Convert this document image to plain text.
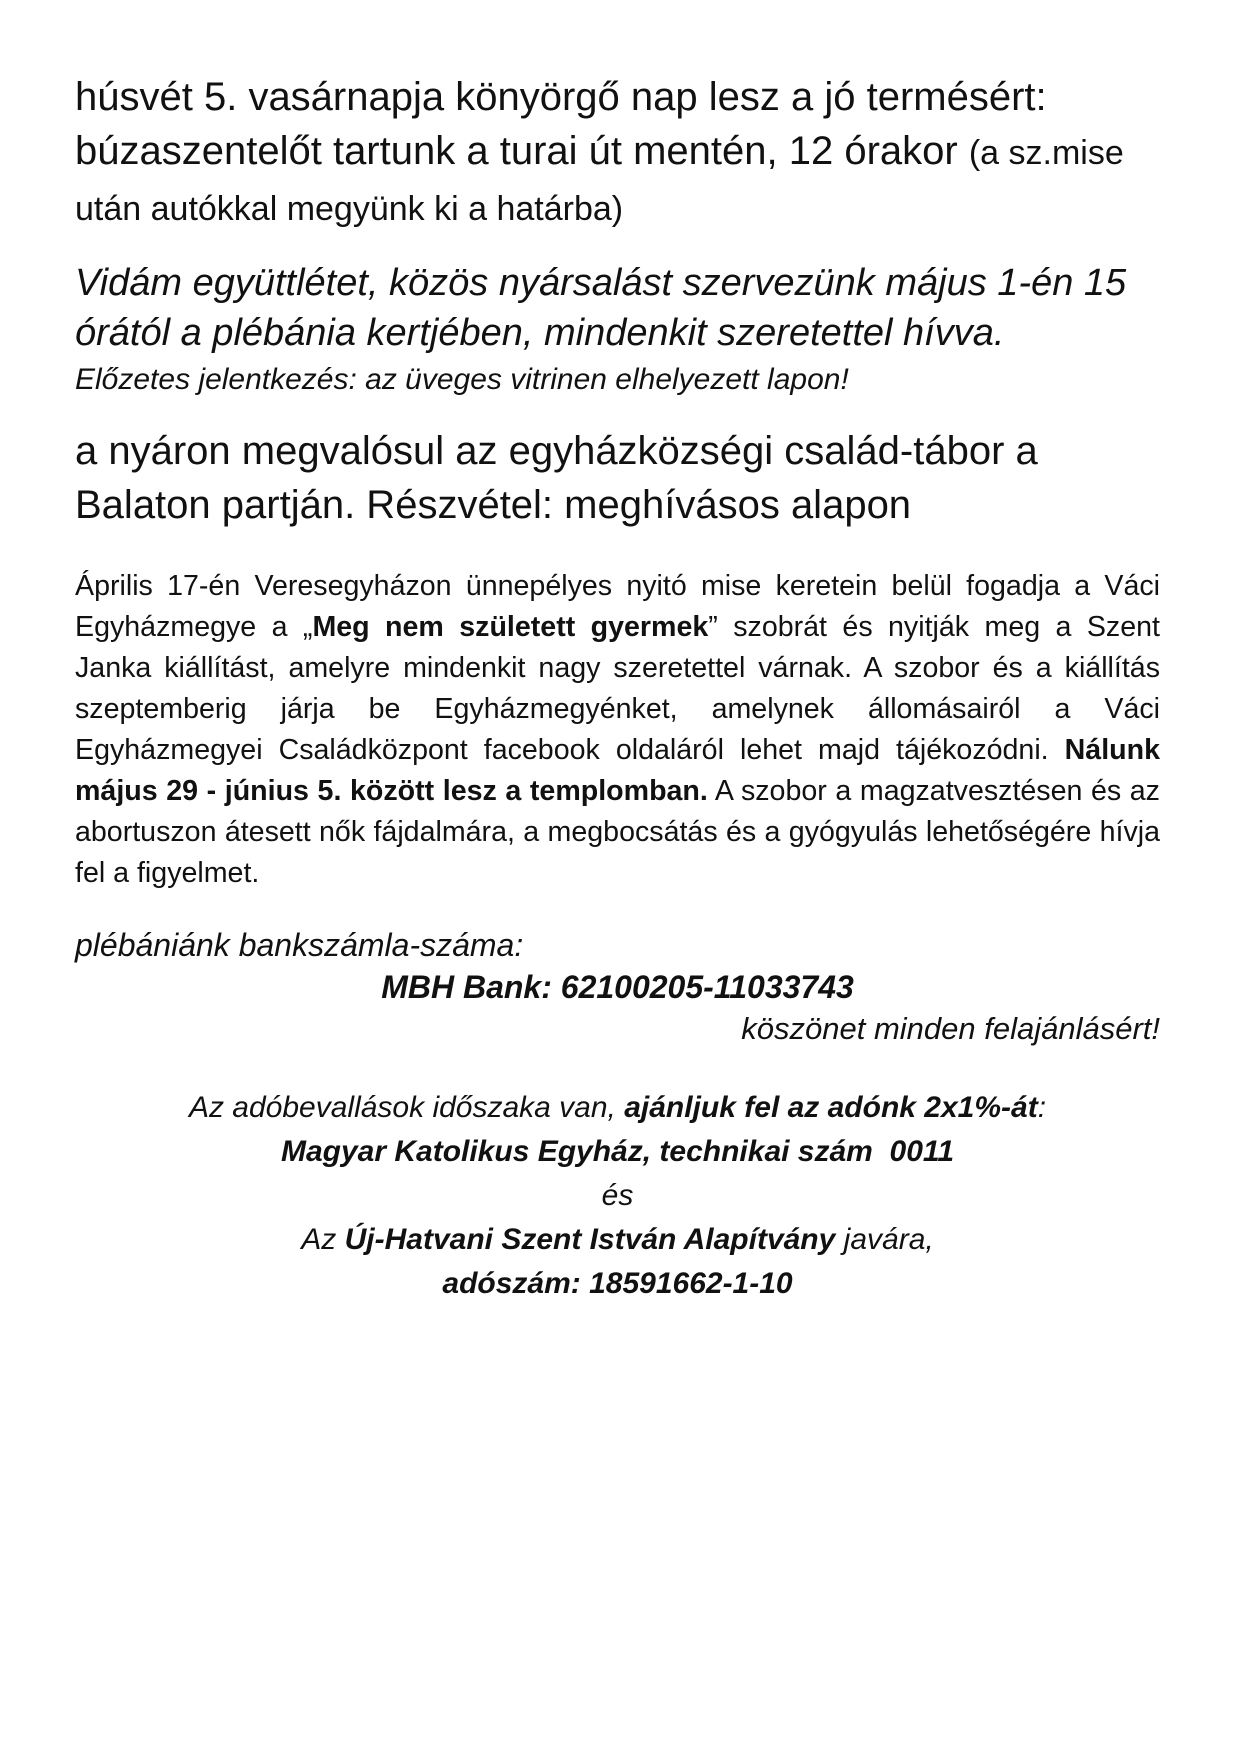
húsvét 5. vasárnapja könyörgő nap lesz a jó termésért: búzaszentelőt tartunk a turai út mentén, 12 órakor (a sz.mise után autókkal megyünk ki a határba)

Vidám együttlétet, közös nyársalást szervezünk május 1-én 15 órától a plébánia kertjében, mindenkit szeretettel hívva.
Előzetes jelentkezés: az üveges vitrinen elhelyezett lapon!

a nyáron megvalósul az egyházközségi család-tábor a Balaton partján. Részvétel: meghívásos alapon

Április 17-én Veresegyházon ünnepélyes nyitó mise keretein belül fogadja a Váci Egyházmegye a „Meg nem született gyermek” szobrát és nyitják meg a Szent Janka kiállítást, amelyre mindenkit nagy szeretettel várnak. A szobor és a kiállítás szeptemberig járja be Egyházmegyénket, amelynek állomásairól a Váci Egyházmegyei Családközpont facebook oldaláról lehet majd tájékozódni. Nálunk május 29 - június 5. között lesz a templomban. A szobor a magzatvesztésen és az abortuszon átesett nők fájdalmára, a megbocsátás és a gyógyulás lehetőségére hívja fel a figyelmet.

plébániánk bankszámla-száma:
MBH Bank: 62100205-11033743
köszönet minden felajánlásért!
Az adóbevallások időszaka van, ajánljuk fel az adónk 2x1%-át:
Magyar Katolikus Egyház, technikai szám  0011
és
Az Új-Hatvani Szent István Alapítvány javára,
adószám: 18591662-1-10
